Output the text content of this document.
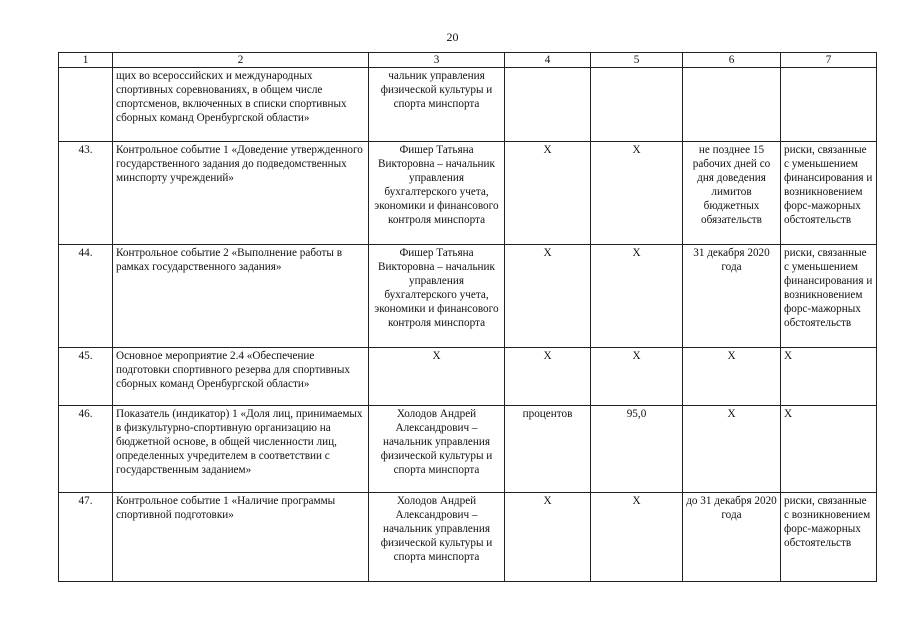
20
1	2	3	4	5	6	7
	щих во всероссийских и международных спортивных соревнованиях, в общем числе спортсменов, включенных в списки спортивных сборных команд Оренбургской области»	чальник управления физической культуры и спорта минспорта				
43.	Контрольное событие 1 «Доведение утвержденного государственного задания до подведомственных минспорту учреждений»	Фишер Татьяна Викторовна – начальник управления бухгалтерского учета, экономики и финансового контроля минспорта	Х	Х	не позднее 15 рабочих дней со дня доведения лимитов бюджетных обязательств	риски, связанные с уменьшением финансирования и возникновением форс-мажорных обстоятельств
44.	Контрольное событие 2 «Выполнение работы в рамках государственного задания»	Фишер Татьяна Викторовна – начальник управления бухгалтерского учета, экономики и финансового контроля минспорта	Х	Х	31 декабря 2020 года	риски, связанные с уменьшением финансирования и возникновением форс-мажорных обстоятельств
45.	Основное мероприятие 2.4 «Обеспечение подготовки спортивного резерва для спортивных сборных команд Оренбургской области»	Х	Х	Х	Х	Х
46.	Показатель (индикатор) 1 «Доля лиц, принимаемых в физкультурно-спортивную организацию на бюджетной основе, в общей численности лиц, определенных учредителем в соответствии с государственным заданием»	Холодов Андрей Александрович – начальник управления физической культуры и спорта минспорта	процентов	95,0	Х	Х
47.	Контрольное событие 1 «Наличие программы спортивной подготовки»	Холодов Андрей Александрович – начальник управления физической культуры и спорта минспорта	Х	Х	до 31 декабря 2020 года	риски, связанные с возникновением форс-мажорных обстоятельств
